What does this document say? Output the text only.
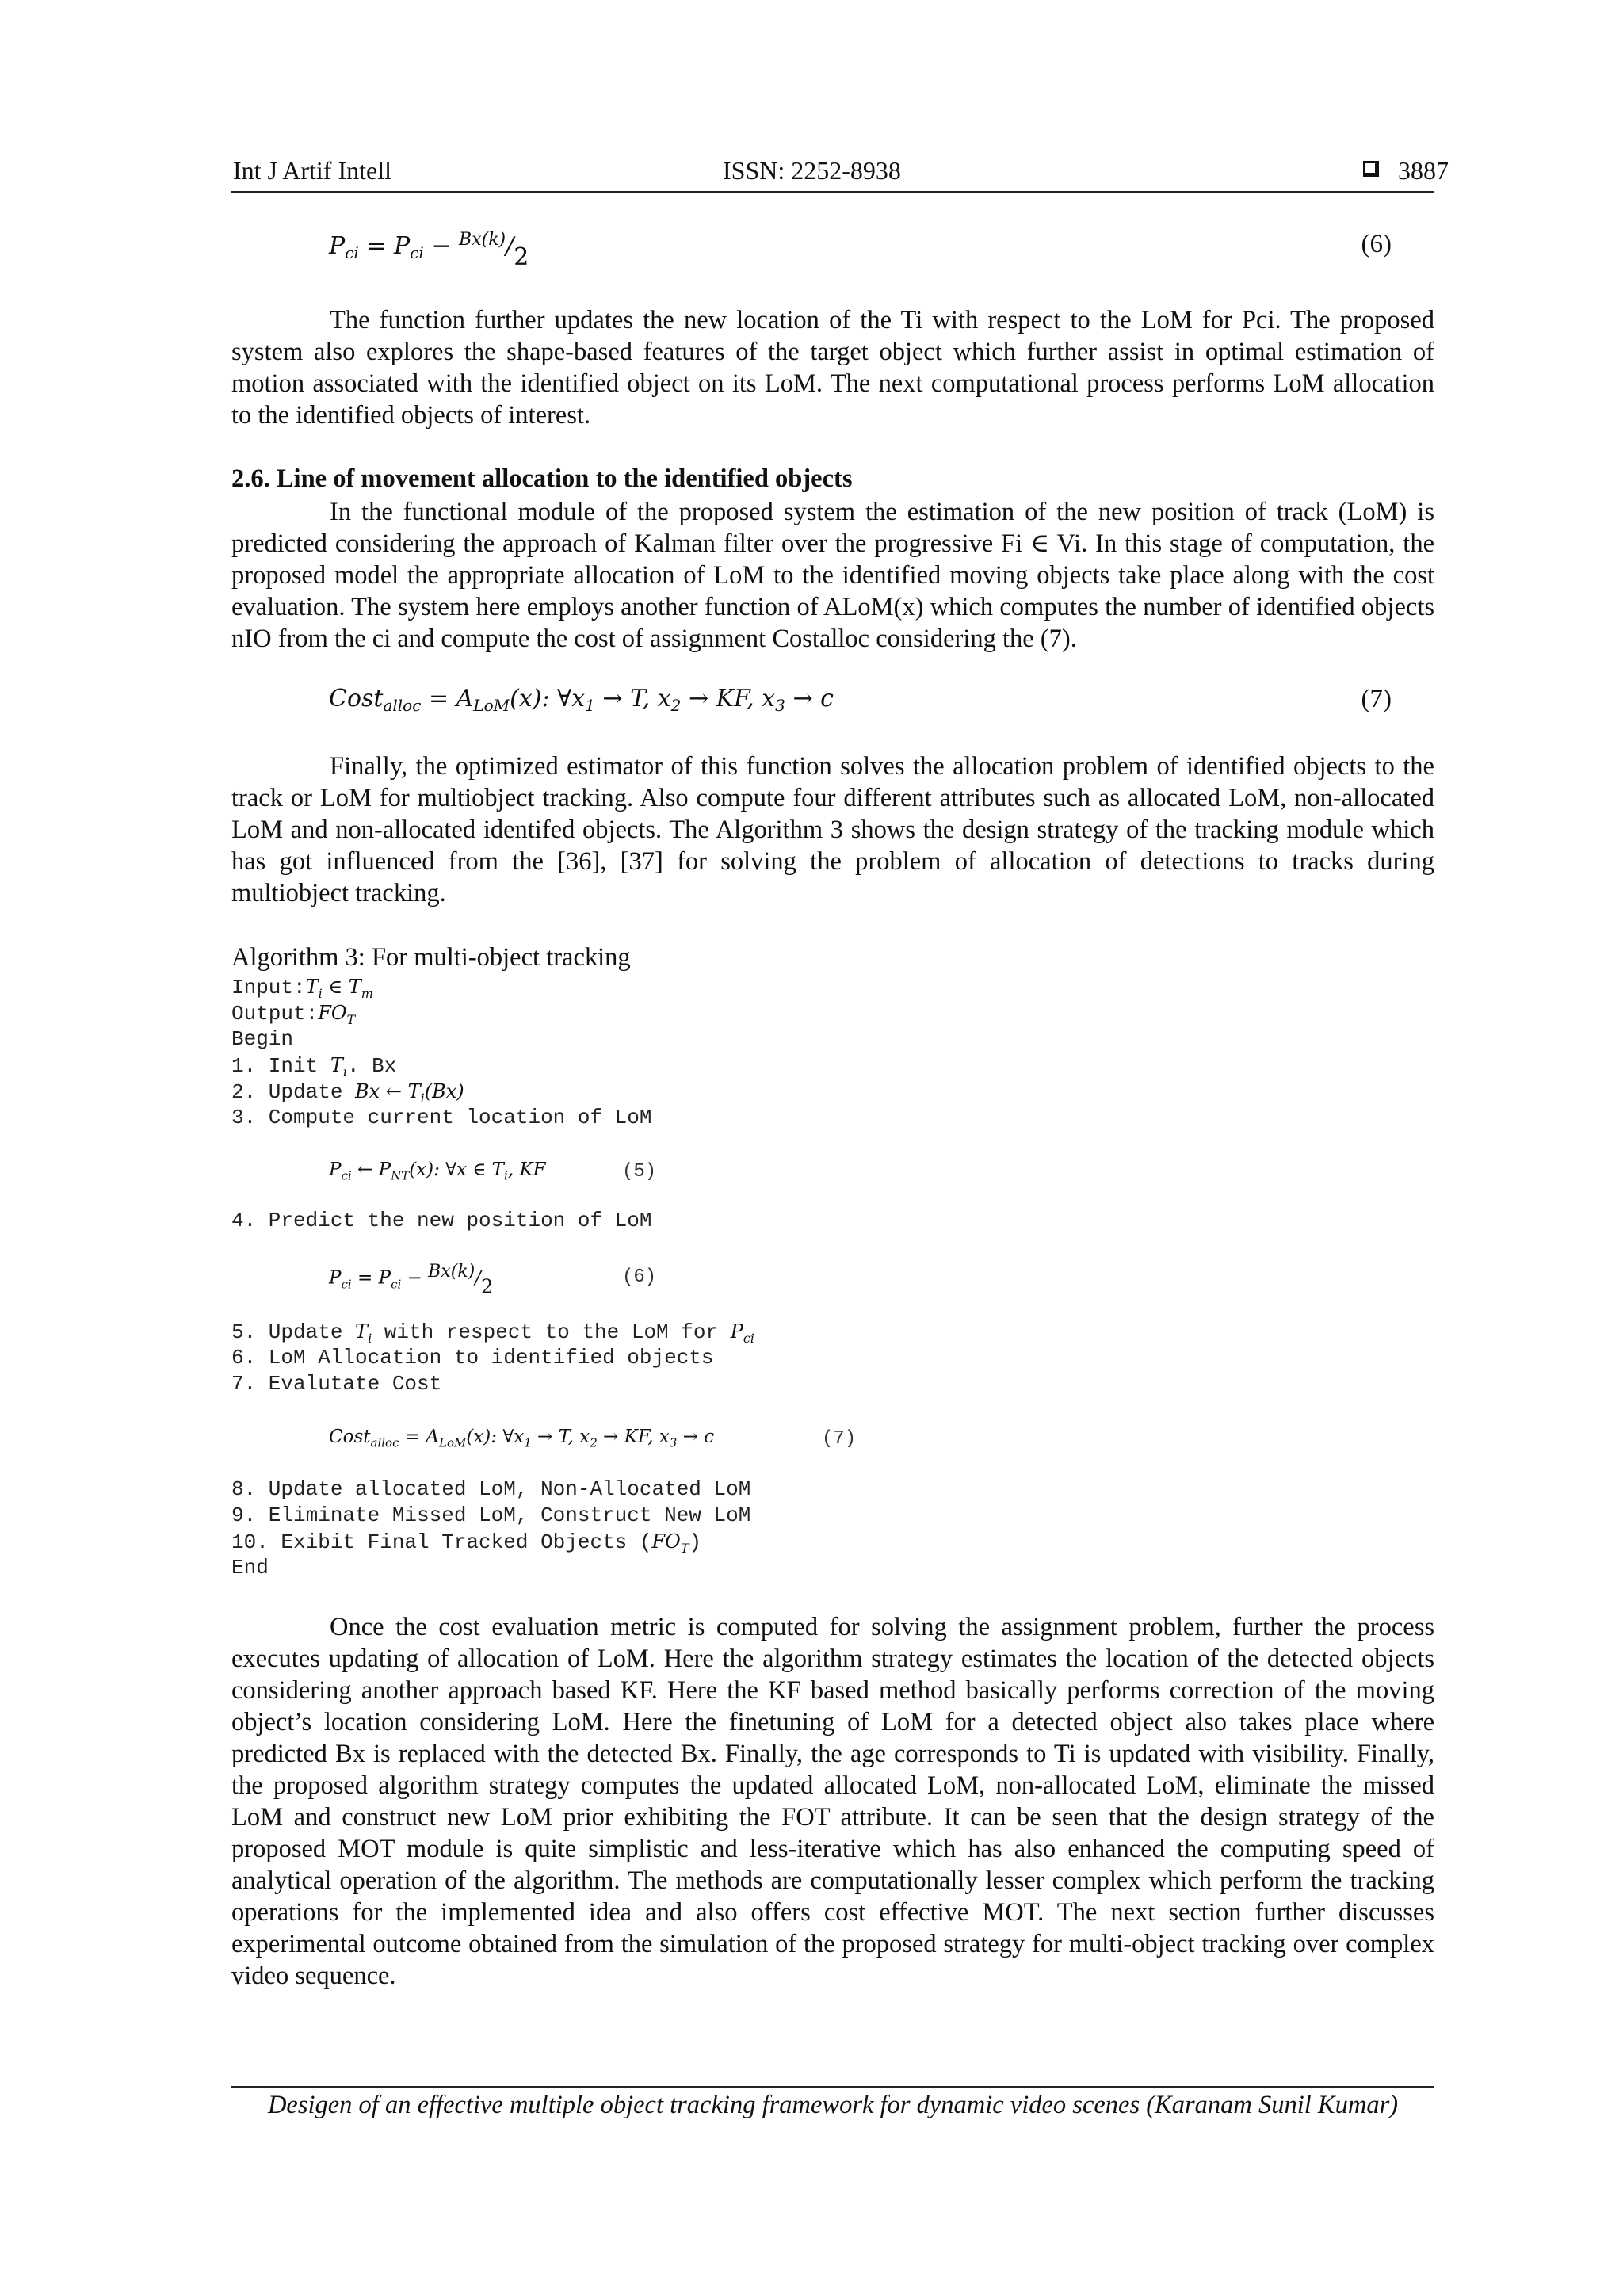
Int J Artif Intell	ISSN: 2252-8938	3887
$P_{ci} = P_{ci} - ^{Bx(k)}/_2$	(6)

The function further updates the new location of the Ti with respect to the LoM for Pci. The proposed system also explores the shape-based features of the target object which further assist in optimal estimation of motion associated with the identified object on its LoM. The next computational process performs LoM allocation to the identified objects of interest.

2.6. Line of movement allocation to the identified objects

In the functional module of the proposed system the estimation of the new position of track (LoM) is predicted considering the approach of Kalman filter over the progressive Fi ∈ Vi. In this stage of computation, the proposed model the appropriate allocation of LoM to the identified moving objects take place along with the cost evaluation. The system here employs another function of ALoM(x) which computes the number of identified objects nIO from the ci and compute the cost of assignment Costalloc considering the (7).

Cost$_{alloc}$ = $A_{LoM}(x)$: $\forall x_1 \to T$, $x_2$ → KF, $x_3 \to c$	(7)

Finally, the optimized estimator of this function solves the allocation problem of identified objects to the track or LoM for multiobject tracking. Also compute four different attributes such as allocated LoM, non-allocated LoM and non-allocated identifed objects. The Algorithm 3 shows the design strategy of the tracking module which has got influenced from the [36], [37] for solving the problem of allocation of detections to tracks during multiobject tracking.

Algorithm 3: For multi-object tracking
$Input:T_i$ ∈ $T_m$
$Output:FO_T$
Begin
1. Init $T_i$. Bx
2. Update Bx ← $T_i(Bx)$
3. Compute current location of LoM
$P_{ci}$ ← $P_{NT}(x)$: ∀x ∈ $T_i$, KF	(5)
4. Predict the new position of LoM
$P_{ci} = P_{ci} - ^{Bx(k)}/_2$	(6)
5. Update $T_i$ with respect to the LoM for $P_{ci}$
6. LoM Allocation to identified objects
7. Evalutate Cost
Cost$_{alloc}$ = $A_{LoM}(x)$: $\forall x_1 \to T$, $x_2$ → KF, $x_3 \to c$	(7)
8. Update allocated LoM, Non-Allocated LoM
9. Eliminate Missed LoM, Construct New LoM
10. Exibit Final Tracked Objects $(FO_T)$
End

Once the cost evaluation metric is computed for solving the assignment problem, further the process executes updating of allocation of LoM. Here the algorithm strategy estimates the location of the detected objects considering another approach based KF. Here the KF based method basically performs correction of the moving object’s location considering LoM. Here the finetuning of LoM for a detected object also takes place where predicted Bx is replaced with the detected Bx. Finally, the age corresponds to Ti is updated with visibility. Finally, the proposed algorithm strategy computes the updated allocated LoM, non-allocated LoM, eliminate the missed LoM and construct new LoM prior exhibiting the FOT attribute. It can be seen that the design strategy of the proposed MOT module is quite simplistic and less-iterative which has also enhanced the computing speed of analytical operation of the algorithm. The methods are computationally lesser complex which perform the tracking operations for the implemented idea and also offers cost effective MOT. The next section further discusses experimental outcome obtained from the simulation of the proposed strategy for multi-object tracking over complex video sequence.

Desigen of an effective multiple object tracking framework for dynamic video scenes (Karanam Sunil Kumar)
